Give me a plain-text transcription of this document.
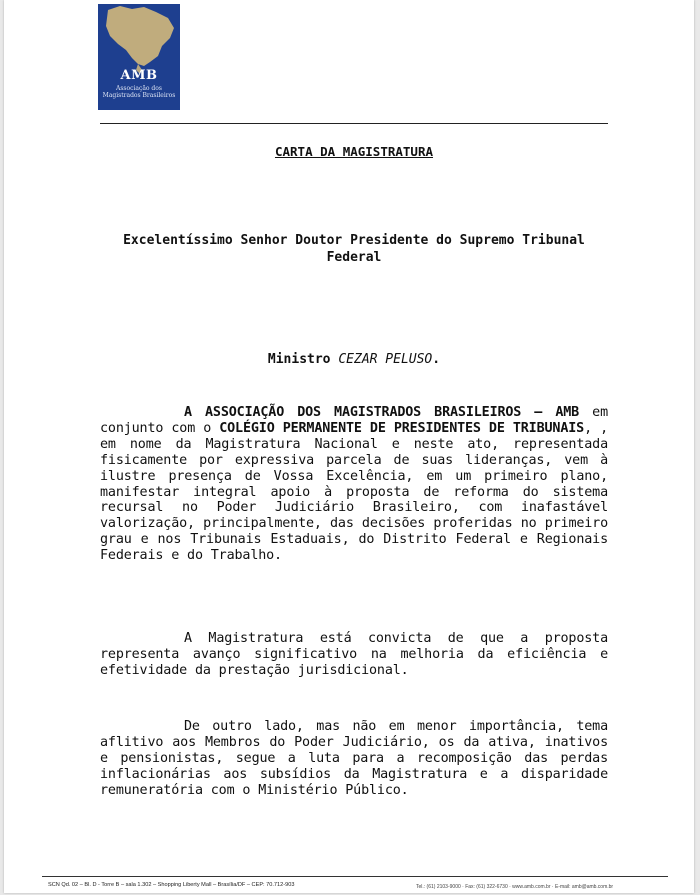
AMB
Associação dos Magistrados Brasileiros
CARTA DA MAGISTRATURA
Excelentíssimo Senhor Doutor Presidente do Supremo Tribunal Federal
Ministro CEZAR PELUSO.

A ASSOCIAÇÃO DOS MAGISTRADOS BRASILEIROS – AMB em conjunto com o COLÉGIO PERMANENTE DE PRESIDENTES DE TRIBUNAIS, , em nome da Magistratura Nacional e neste ato, representada fisicamente por expressiva parcela de suas lideranças, vem à ilustre presença de Vossa Excelência, em um primeiro plano, manifestar integral apoio à proposta de reforma do sistema recursal no Poder Judiciário Brasileiro, com inafastável valorização, principalmente, das decisões proferidas no primeiro grau e nos Tribunais Estaduais, do Distrito Federal e Regionais Federais e do Trabalho.

A Magistratura está convicta de que a proposta representa avanço significativo na melhoria da eficiência e efetividade da prestação jurisdicional.

De outro lado, mas não em menor importância, tema aflitivo aos Membros do Poder Judiciário, os da ativa, inativos e pensionistas, segue a luta para a recomposição das perdas inflacionárias aos subsídios da Magistratura e a disparidade remuneratória com o Ministério Público.

SCN Qd. 02 – Bl. D - Torre B – sala 1.302 – Shopping Liberty Mall – Brasília/DF – CEP: 70.712-903	Tel.: (61) 2103-9000 · Fax: (61) 322-6730 · www.amb.com.br · E-mail: amb@amb.com.br
